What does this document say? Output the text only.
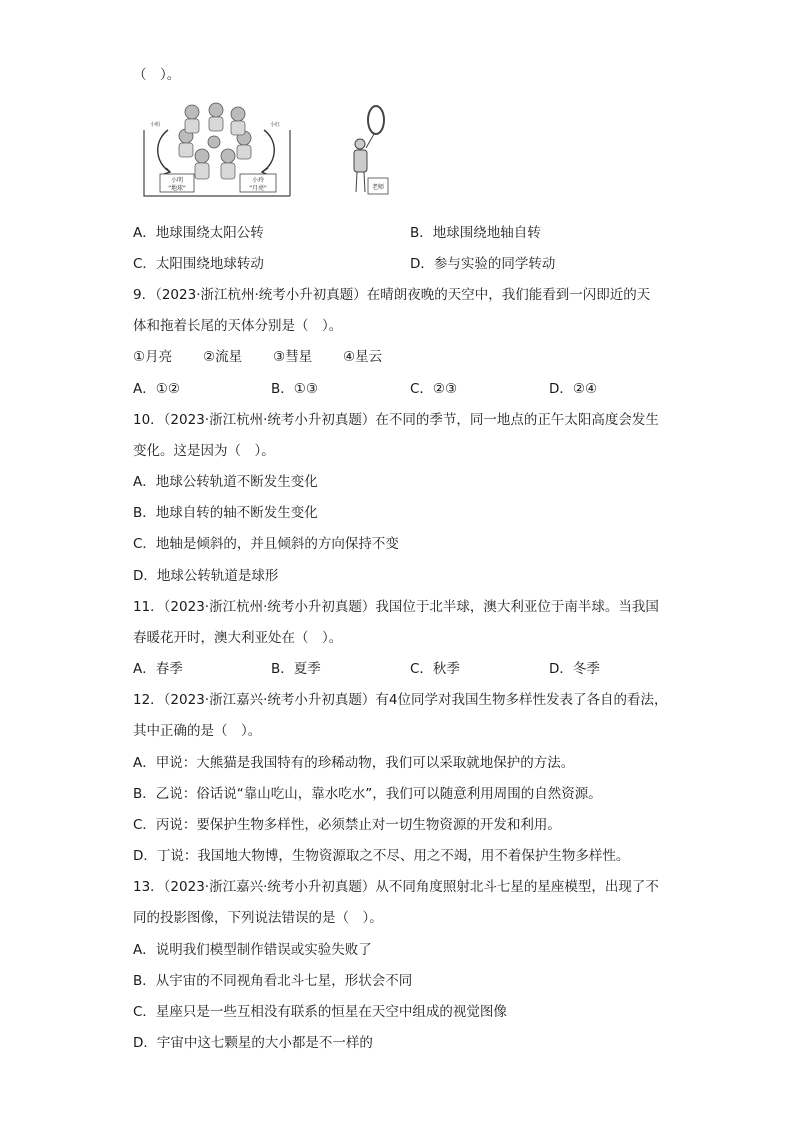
（　）。
小明
"地球"
小玲
"月亮"
小明	小红
老师
A．地球围绕太阳公转	B．地球围绕地轴自转
C．太阳围绕地球转动	D．参与实验的同学转动
9．（2023·浙江杭州·统考小升初真题）在晴朗夜晚的天空中，我们能看到一闪即近的天
体和拖着长尾的天体分别是（　）。
①月亮 ②流星 ③彗星 ④星云
A．①②	B．①③	C．②③	D．②④
10．（2023·浙江杭州·统考小升初真题）在不同的季节，同一地点的正午太阳高度会发生
变化。这是因为（　）。
A．地球公转轨道不断发生变化
B．地球自转的轴不断发生变化
C．地轴是倾斜的，并且倾斜的方向保持不变
D．地球公转轨道是球形
11．（2023·浙江杭州·统考小升初真题）我国位于北半球，澳大利亚位于南半球。当我国
春暖花开时，澳大利亚处在（　）。
A．春季	B．夏季	C．秋季	D．冬季
12．（2023·浙江嘉兴·统考小升初真题）有4位同学对我国生物多样性发表了各自的看法，
其中正确的是（　）。
A．甲说：大熊猫是我国特有的珍稀动物，我们可以采取就地保护的方法。
B．乙说：俗话说“靠山吃山，靠水吃水”，我们可以随意利用周围的自然资源。
C．丙说：要保护生物多样性，必须禁止对一切生物资源的开发和利用。
D．丁说：我国地大物博，生物资源取之不尽、用之不竭，用不着保护生物多样性。
13．（2023·浙江嘉兴·统考小升初真题）从不同角度照射北斗七星的星座模型，出现了不
同的投影图像，下列说法错误的是（　）。
A．说明我们模型制作错误或实验失败了
B．从宇宙的不同视角看北斗七星，形状会不同
C．星座只是一些互相没有联系的恒星在天空中组成的视觉图像
D．宇宙中这七颗星的大小都是不一样的
